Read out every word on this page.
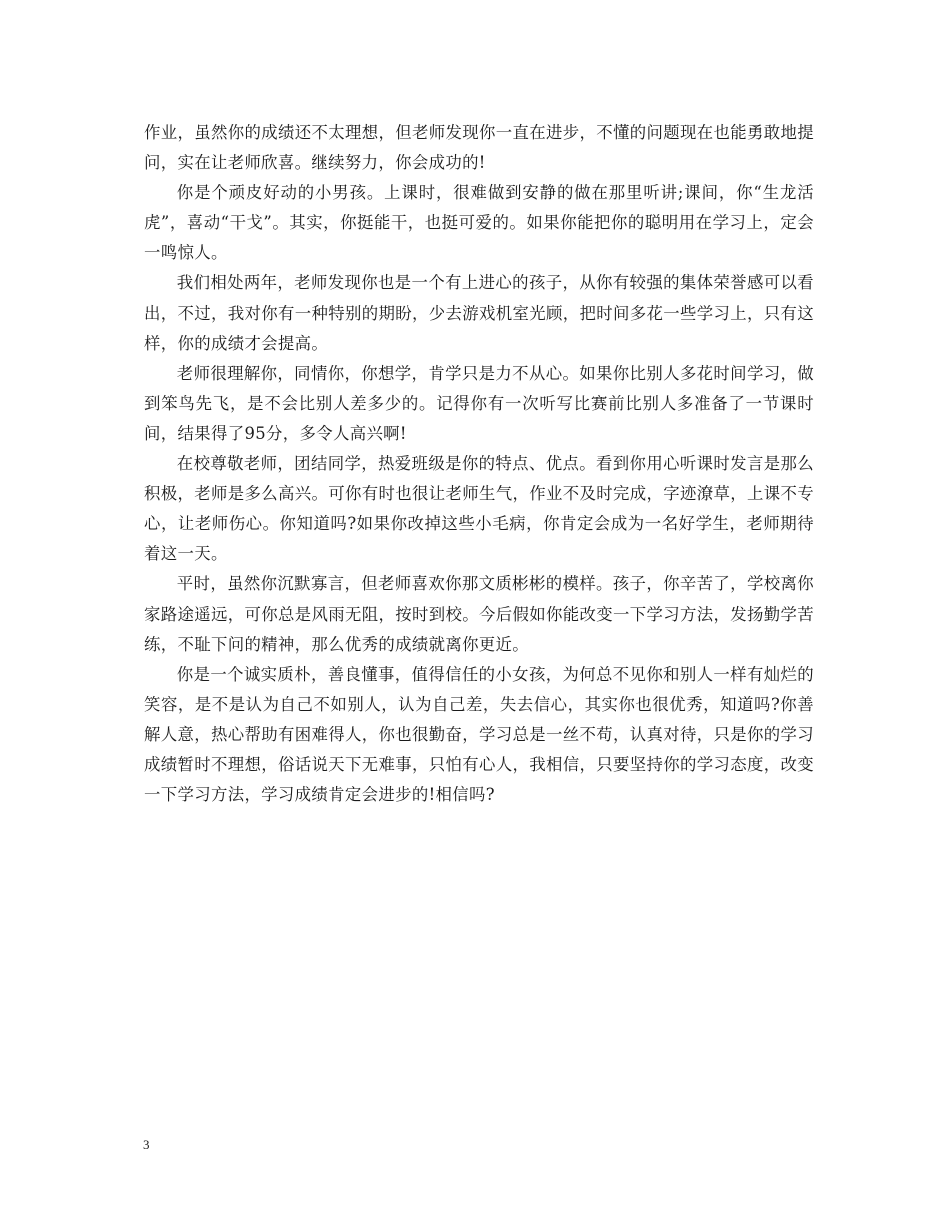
作业，虽然你的成绩还不太理想，但老师发现你一直在进步，不懂的问题现在也能勇敢地提问，实在让老师欣喜。继续努力，你会成功的!

你是个顽皮好动的小男孩。上课时，很难做到安静的做在那里听讲;课间，你“生龙活虎”，喜动“干戈”。其实，你挺能干，也挺可爱的。如果你能把你的聪明用在学习上，定会一鸣惊人。

我们相处两年，老师发现你也是一个有上进心的孩子，从你有较强的集体荣誉感可以看出，不过，我对你有一种特别的期盼，少去游戏机室光顾，把时间多花一些学习上，只有这样，你的成绩才会提高。

老师很理解你，同情你，你想学，肯学只是力不从心。如果你比别人多花时间学习，做到笨鸟先飞，是不会比别人差多少的。记得你有一次听写比赛前比别人多准备了一节课时间，结果得了95分，多令人高兴啊!

在校尊敬老师，团结同学，热爱班级是你的特点、优点。看到你用心听课时发言是那么积极，老师是多么高兴。可你有时也很让老师生气，作业不及时完成，字迹潦草，上课不专心，让老师伤心。你知道吗?如果你改掉这些小毛病，你肯定会成为一名好学生，老师期待着这一天。

平时，虽然你沉默寡言，但老师喜欢你那文质彬彬的模样。孩子，你辛苦了，学校离你家路途遥远，可你总是风雨无阻，按时到校。今后假如你能改变一下学习方法，发扬勤学苦练，不耻下问的精神，那么优秀的成绩就离你更近。

你是一个诚实质朴，善良懂事，值得信任的小女孩，为何总不见你和别人一样有灿烂的笑容，是不是认为自己不如别人，认为自己差，失去信心，其实你也很优秀，知道吗?你善解人意，热心帮助有困难得人，你也很勤奋，学习总是一丝不苟，认真对待，只是你的学习成绩暂时不理想，俗话说天下无难事，只怕有心人，我相信，只要坚持你的学习态度，改变一下学习方法，学习成绩肯定会进步的!相信吗?

3
